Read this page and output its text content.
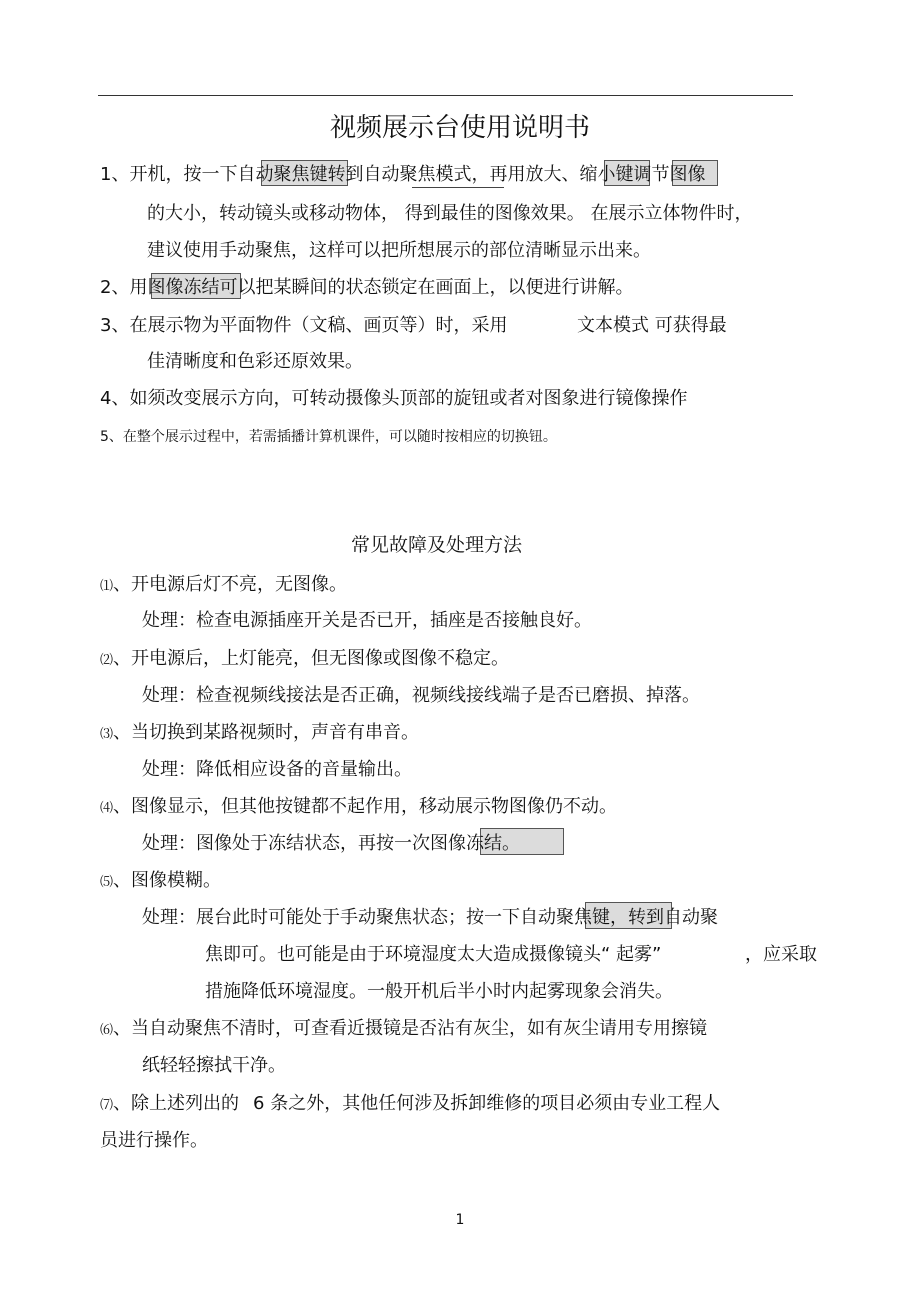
视频展示台使用说明书
1、开机，按一下自动聚焦键转到自动聚焦模式，再用放大、缩小键调节图像
的大小，转动镜头或移动物体， 得到最佳的图像效果。 在展示立体物件时，
建议使用手动聚焦，这样可以把所想展示的部位清晰显示出来。
2、用图像冻结可以把某瞬间的状态锁定在画面上，以便进行讲解。
3、在展示物为平面物件（文稿、画页等）时，采用	文本模式 可获得最
佳清晰度和色彩还原效果。
4、如须改变展示方向，可转动摄像头顶部的旋钮或者对图象进行镜像操作
5、在整个展示过程中，若需插播计算机课件，可以随时按相应的切换钮。
常见故障及处理方法
⑴、开电源后灯不亮，无图像。
处理：检查电源插座开关是否已开，插座是否接触良好。
⑵、开电源后，上灯能亮，但无图像或图像不稳定。
处理：检查视频线接法是否正确，视频线接线端子是否已磨损、掉落。
⑶、当切换到某路视频时，声音有串音。
处理：降低相应设备的音量输出。
⑷、图像显示，但其他按键都不起作用，移动展示物图像仍不动。
处理：图像处于冻结状态，再按一次图像冻结。
⑸、图像模糊。
处理：展台此时可能处于手动聚焦状态；按一下自动聚焦键，转到自动聚
焦即可。也可能是由于环境湿度太大造成摄像镜头“ 起雾”	，应采取
措施降低环境湿度。一般开机后半小时内起雾现象会消失。
⑹、当自动聚焦不清时，可查看近摄镜是否沾有灰尘，如有灰尘请用专用擦镜
纸轻轻擦拭干净。
⑺、除上述列出的 6 条之外，其他任何涉及拆卸维修的项目必须由专业工程人
员进行操作。
1
